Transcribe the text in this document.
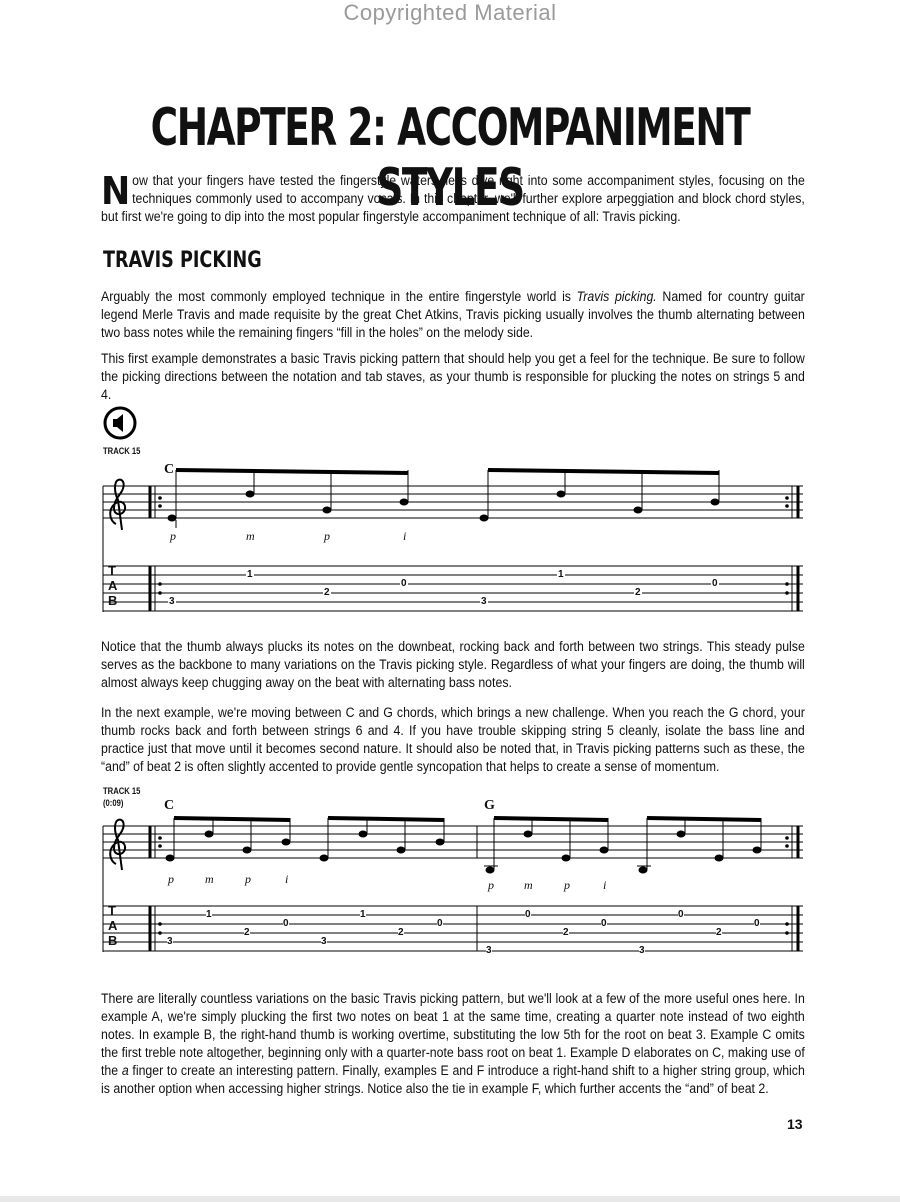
Copyrighted Material
CHAPTER 2: ACCOMPANIMENT STYLES

Now that your fingers have tested the fingerstyle waters, let's dive right into some accompaniment styles, focusing on the techniques commonly used to accompany vocals. In this chapter, we'll further explore arpeggiation and block chord styles, but first we're going to dip into the most popular fingerstyle accompaniment technique of all: Travis picking.

TRAVIS PICKING

Arguably the most commonly employed technique in the entire fingerstyle world is Travis picking. Named for country guitar legend Merle Travis and made requisite by the great Chet Atkins, Travis picking usually involves the thumb alternating between two bass notes while the remaining fingers “fill in the holes” on the melody side.

This first example demonstrates a basic Travis picking pattern that should help you get a feel for the technique. Be sure to follow the picking directions between the notation and tab staves, as your thumb is responsible for plucking the notes on strings 5 and 4.

TRACK 15
C
p	m	p	i
T
A
B	3
1
2
0
3
1
2
0

Notice that the thumb always plucks its notes on the downbeat, rocking back and forth between two strings. This steady pulse serves as the backbone to many variations on the Travis picking style. Regardless of what your fingers are doing, the thumb will almost always keep chugging away on the beat with alternating bass notes.

In the next example, we're moving between C and G chords, which brings a new challenge. When you reach the G chord, your thumb rocks back and forth between strings 6 and 4. If you have trouble skipping string 5 cleanly, isolate the bass line and practice just that move until it becomes second nature. It should also be noted that, in Travis picking patterns such as these, the “and” of beat 2 is often slightly accented to provide gentle syncopation that helps to create a sense of momentum.

TRACK 15
(0:09)	C	G
p	m	p	i	p	m	p	i
T
A
B	3
1
2
0
3
1
2
0
3
0
2
0
3
0
2
0

There are literally countless variations on the basic Travis picking pattern, but we'll look at a few of the more useful ones here. In example A, we're simply plucking the first two notes on beat 1 at the same time, creating a quarter note instead of two eighth notes. In example B, the right-hand thumb is working overtime, substituting the low 5th for the root on beat 3. Example C omits the first treble note altogether, beginning only with a quarter-note bass root on beat 1. Example D elaborates on C, making use of the a finger to create an interesting pattern. Finally, examples E and F introduce a right-hand shift to a higher string group, which is another option when accessing higher strings. Notice also the tie in example F, which further accents the “and” of beat 2.

13
